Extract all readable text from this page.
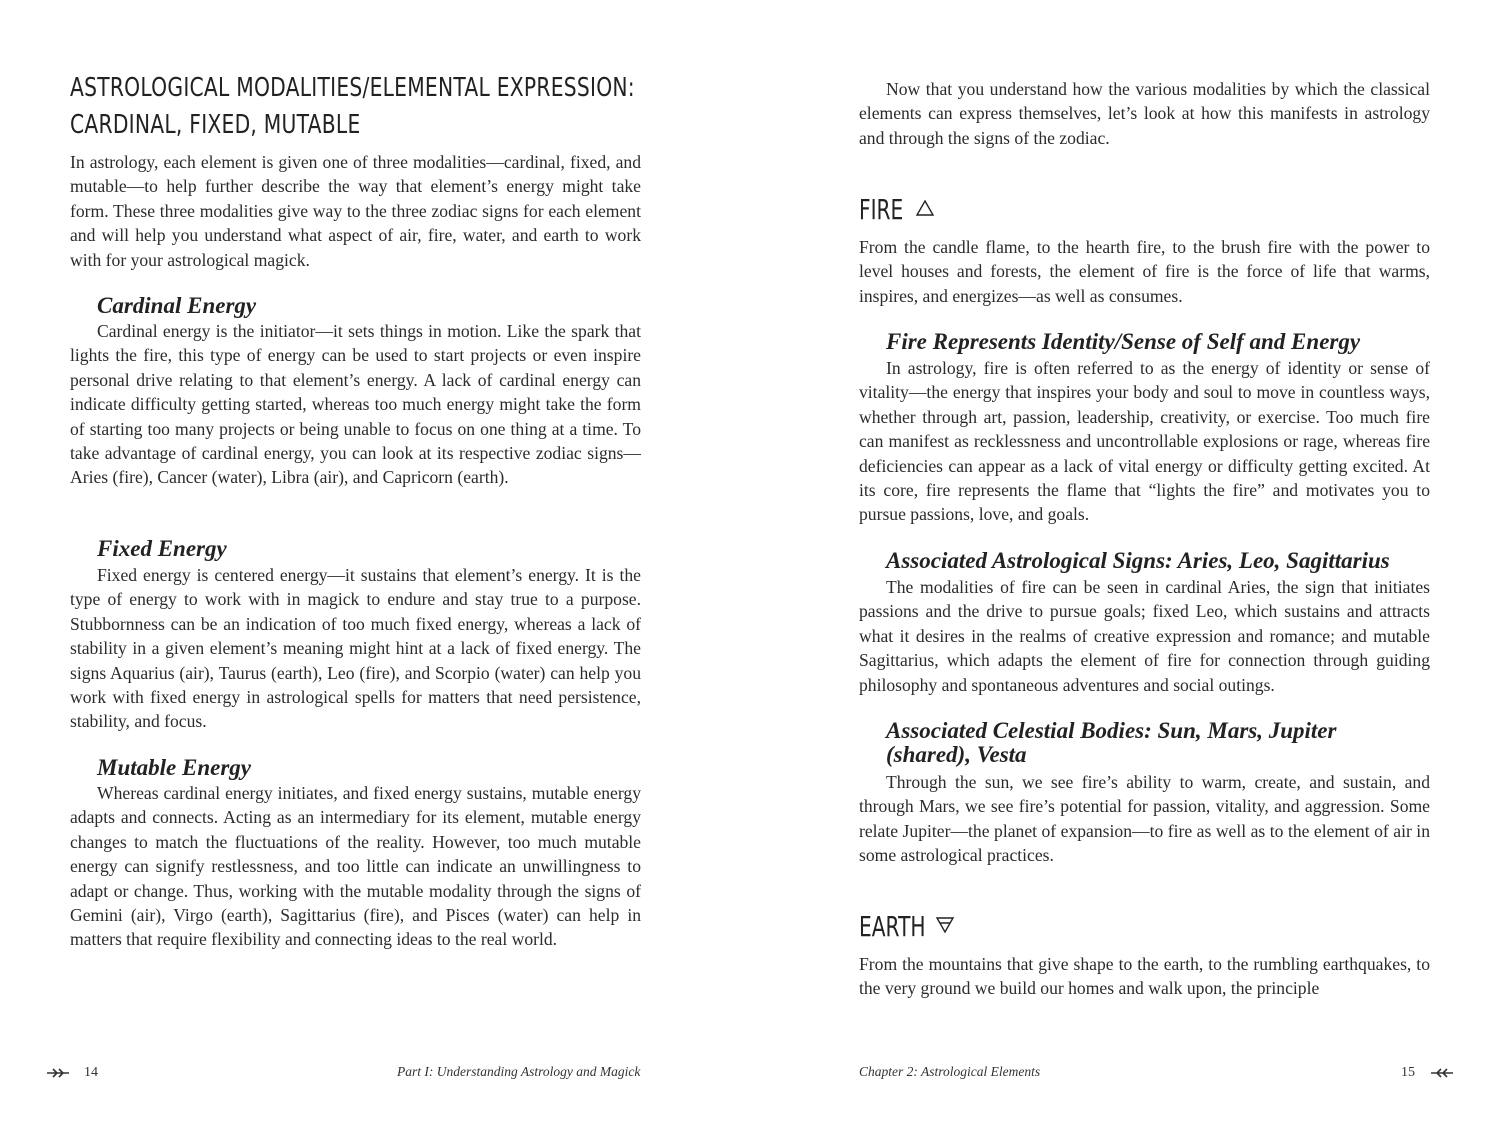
ASTROLOGICAL MODALITIES/ELEMENTAL EXPRESSION:
CARDINAL, FIXED, MUTABLE

In astrology, each element is given one of three modalities—cardinal, fixed, and mutable—to help further describe the way that element’s energy might take form. These three modalities give way to the three zodiac signs for each element and will help you understand what aspect of air, fire, water, and earth to work with for your astrological magick.

Cardinal Energy

Cardinal energy is the initiator—it sets things in motion. Like the spark that lights the fire, this type of energy can be used to start projects or even inspire personal drive relating to that element’s energy. A lack of cardinal energy can indicate difficulty getting started, whereas too much energy might take the form of starting too many projects or being unable to focus on one thing at a time. To take advantage of cardinal energy, you can look at its respective zodiac signs—Aries (fire), Cancer (water), Libra (air), and Capricorn (earth).

Fixed Energy

Fixed energy is centered energy—it sustains that element’s energy. It is the type of energy to work with in magick to endure and stay true to a purpose. Stubbornness can be an indication of too much fixed energy, whereas a lack of stability in a given element’s meaning might hint at a lack of fixed energy. The signs Aquarius (air), Taurus (earth), Leo (fire), and Scorpio (water) can help you work with fixed energy in astrological spells for matters that need persistence, stability, and focus.

Mutable Energy

Whereas cardinal energy initiates, and fixed energy sustains, mutable energy adapts and connects. Acting as an intermediary for its element, mutable energy changes to match the fluctuations of the reality. However, too much mutable energy can signify restlessness, and too little can indicate an unwillingness to adapt or change. Thus, working with the mutable modality through the signs of Gemini (air), Virgo (earth), Sagittarius (fire), and Pisces (water) can help in matters that require flexibility and connecting ideas to the real world.

14	Part I: Understanding Astrology and Magick

Now that you understand how the various modalities by which the classical elements can express themselves, let’s look at how this manifests in astrology and through the signs of the zodiac.

FIRE

From the candle flame, to the hearth fire, to the brush fire with the power to level houses and forests, the element of fire is the force of life that warms, inspires, and energizes—as well as consumes.

Fire Represents Identity/Sense of Self and Energy

In astrology, fire is often referred to as the energy of identity or sense of vitality—the energy that inspires your body and soul to move in countless ways, whether through art, passion, leadership, creativity, or exercise. Too much fire can manifest as recklessness and uncontrollable explosions or rage, whereas fire deficiencies can appear as a lack of vital energy or difficulty getting excited. At its core, fire represents the flame that “lights the fire” and motivates you to pursue passions, love, and goals.

Associated Astrological Signs: Aries, Leo, Sagittarius

The modalities of fire can be seen in cardinal Aries, the sign that initiates passions and the drive to pursue goals; fixed Leo, which sustains and attracts what it desires in the realms of creative expression and romance; and mutable Sagittarius, which adapts the element of fire for connection through guiding philosophy and spontaneous adventures and social outings.

Associated Celestial Bodies: Sun, Mars, Jupiter
(shared), Vesta

Through the sun, we see fire’s ability to warm, create, and sustain, and through Mars, we see fire’s potential for passion, vitality, and aggression. Some relate Jupiter—the planet of expansion—to fire as well as to the element of air in some astrological practices.

EARTH

From the mountains that give shape to the earth, to the rumbling earthquakes, to the very ground we build our homes and walk upon, the principle

Chapter 2: Astrological Elements	15
